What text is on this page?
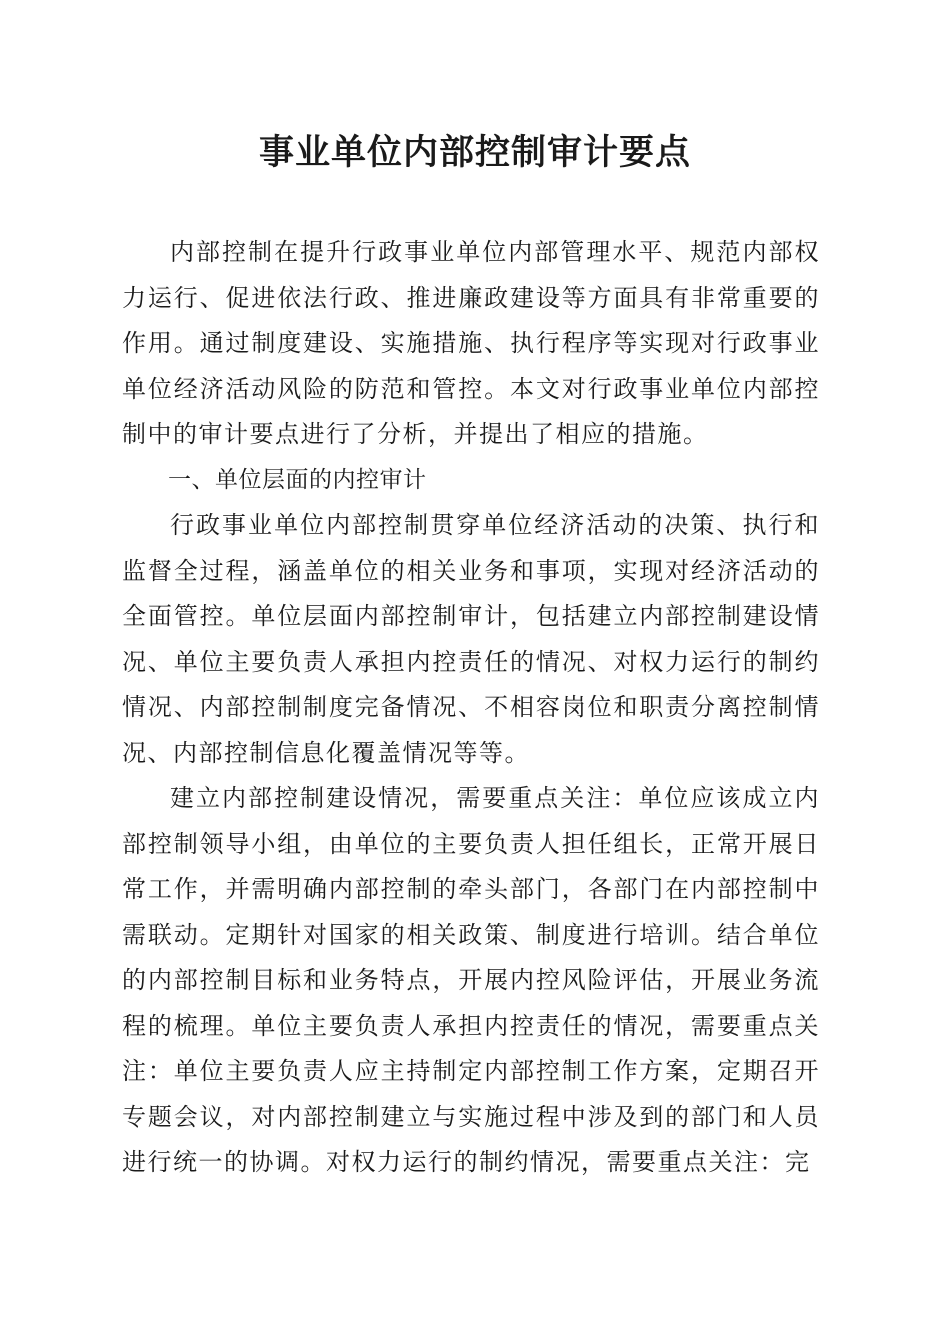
事业单位内部控制审计要点

内部控制在提升行政事业单位内部管理水平、规范内部权力运行、促进依法行政、推进廉政建设等方面具有非常重要的作用。通过制度建设、实施措施、执行程序等实现对行政事业单位经济活动风险的防范和管控。本文对行政事业单位内部控制中的审计要点进行了分析，并提出了相应的措施。

一、单位层面的内控审计

行政事业单位内部控制贯穿单位经济活动的决策、执行和监督全过程，涵盖单位的相关业务和事项，实现对经济活动的全面管控。单位层面内部控制审计，包括建立内部控制建设情况、单位主要负责人承担内控责任的情况、对权力运行的制约情况、内部控制制度完备情况、不相容岗位和职责分离控制情况、内部控制信息化覆盖情况等等。

建立内部控制建设情况，需要重点关注：单位应该成立内部控制领导小组，由单位的主要负责人担任组长，正常开展日常工作，并需明确内部控制的牵头部门，各部门在内部控制中需联动。定期针对国家的相关政策、制度进行培训。结合单位的内部控制目标和业务特点，开展内控风险评估，开展业务流程的梳理。单位主要负责人承担内控责任的情况，需要重点关注：单位主要负责人应主持制定内部控制工作方案，定期召开专题会议，对内部控制建立与实施过程中涉及到的部门和人员进行统一的协调。对权力运行的制约情况，需要重点关注：完
